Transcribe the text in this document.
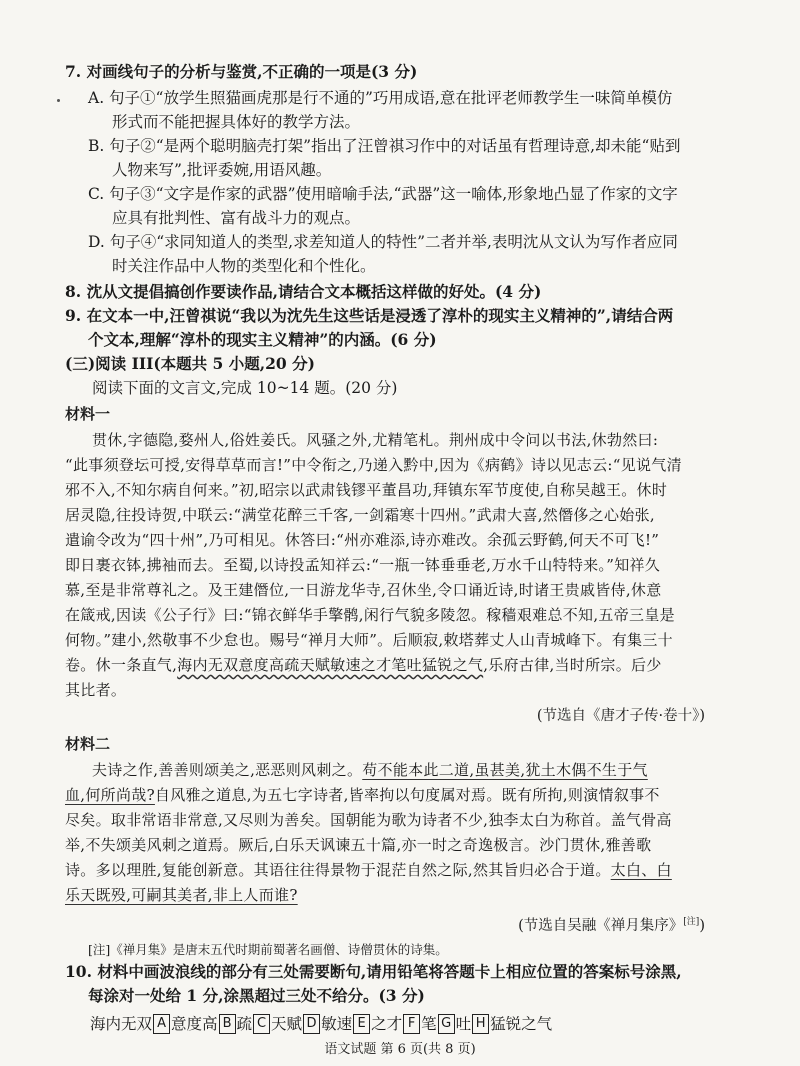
7. 对画线句子的分析与鉴赏,不正确的一项是(3 分)
A. 句子①“放学生照猫画虎那是行不通的”巧用成语,意在批评老师教学生一味简单模仿
形式而不能把握具体好的教学方法。
B. 句子②“是两个聪明脑壳打架”指出了汪曾祺习作中的对话虽有哲理诗意,却未能“贴到
人物来写”,批评委婉,用语风趣。
C. 句子③“文字是作家的武器”使用暗喻手法,“武器”这一喻体,形象地凸显了作家的文字
应具有批判性、富有战斗力的观点。
D. 句子④“求同知道人的类型,求差知道人的特性”二者并举,表明沈从文认为写作者应同
时关注作品中人物的类型化和个性化。
8. 沈从文提倡搞创作要读作品,请结合文本概括这样做的好处。(4 分)
9. 在文本一中,汪曾祺说“我以为沈先生这些话是浸透了淳朴的现实主义精神的”,请结合两
个文本,理解“淳朴的现实主义精神”的内涵。(6 分)
(三)阅读 III(本题共 5 小题,20 分)
阅读下面的文言文,完成 10~14 题。(20 分)
材料一
贯休,字德隐,婺州人,俗姓姜氏。风骚之外,尤精笔札。荆州成中令问以书法,休勃然曰:
“此事须登坛可授,安得草草而言!”中令衔之,乃递入黔中,因为《病鹤》诗以见志云:“见说气清
邪不入,不知尔病自何来。”初,昭宗以武肃钱镠平董昌功,拜镇东军节度使,自称吴越王。休时
居灵隐,往投诗贺,中联云:“满堂花醉三千客,一剑霜寒十四州。”武肃大喜,然僭侈之心始张,
遣谕令改为“四十州”,乃可相见。休答曰:“州亦难添,诗亦难改。余孤云野鹤,何天不可飞!”
即日裹衣钵,拂袖而去。至蜀,以诗投孟知祥云:“一瓶一钵垂垂老,万水千山特特来。”知祥久
慕,至是非常尊礼之。及王建僭位,一日游龙华寺,召休坐,令口诵近诗,时诸王贵戚皆侍,休意
在箴戒,因读《公子行》曰:“锦衣鲜华手擎鹘,闲行气貌多陵忽。稼穑艰难总不知,五帝三皇是
何物。”建小,然敬事不少怠也。赐号“禅月大师”。后顺寂,敕塔葬丈人山青城峰下。有集三十
卷。休一条直气,海内无双意度高疏天赋敏速之才笔吐猛锐之气,乐府古律,当时所宗。后少
其比者。
(节选自《唐才子传·卷十》)
材料二
夫诗之作,善善则颂美之,恶恶则风刺之。苟不能本此二道,虽甚美,犹土木偶不生于气
血,何所尚哉?自风雅之道息,为五七字诗者,皆率拘以句度属对焉。既有所拘,则演情叙事不
尽矣。取非常语非常意,又尽则为善矣。国朝能为歌为诗者不少,独李太白为称首。盖气骨高
举,不失颂美风刺之道焉。厥后,白乐天讽谏五十篇,亦一时之奇逸极言。沙门贯休,雅善歌
诗。多以理胜,复能创新意。其语往往得景物于混茫自然之际,然其旨归必合于道。太白、白
乐天既殁,可嗣其美者,非上人而谁?
(节选自吴融《禅月集序》[注])
[注]《禅月集》是唐末五代时期前蜀著名画僧、诗僧贯休的诗集。
10. 材料中画波浪线的部分有三处需要断句,请用铅笔将答题卡上相应位置的答案标号涂黑,
每涂对一处给 1 分,涂黑超过三处不给分。(3 分)
海内无双 A 意度高 B 疏 C 天赋 D 敏速 E 之才 F 笔 G 吐 H 猛锐之气
语文试题 第 6 页(共 8 页)
